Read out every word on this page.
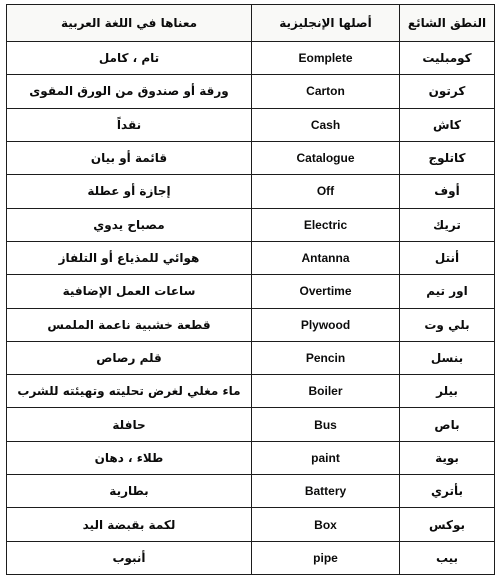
النطق الشائع	أصلها الإنجليزية	معناها في اللغة العربية
كومبليت	Eomplete	تام ، كامل
كرتون	Carton	ورقة أو صندوق من الورق المقوى
كاش	Cash	نقداً
كاتلوج	Catalogue	قائمة أو بيان
أوف	Off	إجازة أو عطلة
تريك	Electric	مصباح يدوي
أنتل	Antanna	هوائي للمذياع أو التلفاز
اور تيم	Overtime	ساعات العمل الإضافية
بلي وت	Plywood	قطعة خشبية ناعمة الملمس
بنسل	Pencin	قلم رصاص
بيلر	Boiler	ماء مغلي لغرض تحليته وتهيئته للشرب
باص	Bus	حافلة
بوية	paint	طلاء ، دهان
بأتري	Battery	بطارية
بوكس	Box	لكمة بقبضة اليد
بيب	pipe	أنبوب
